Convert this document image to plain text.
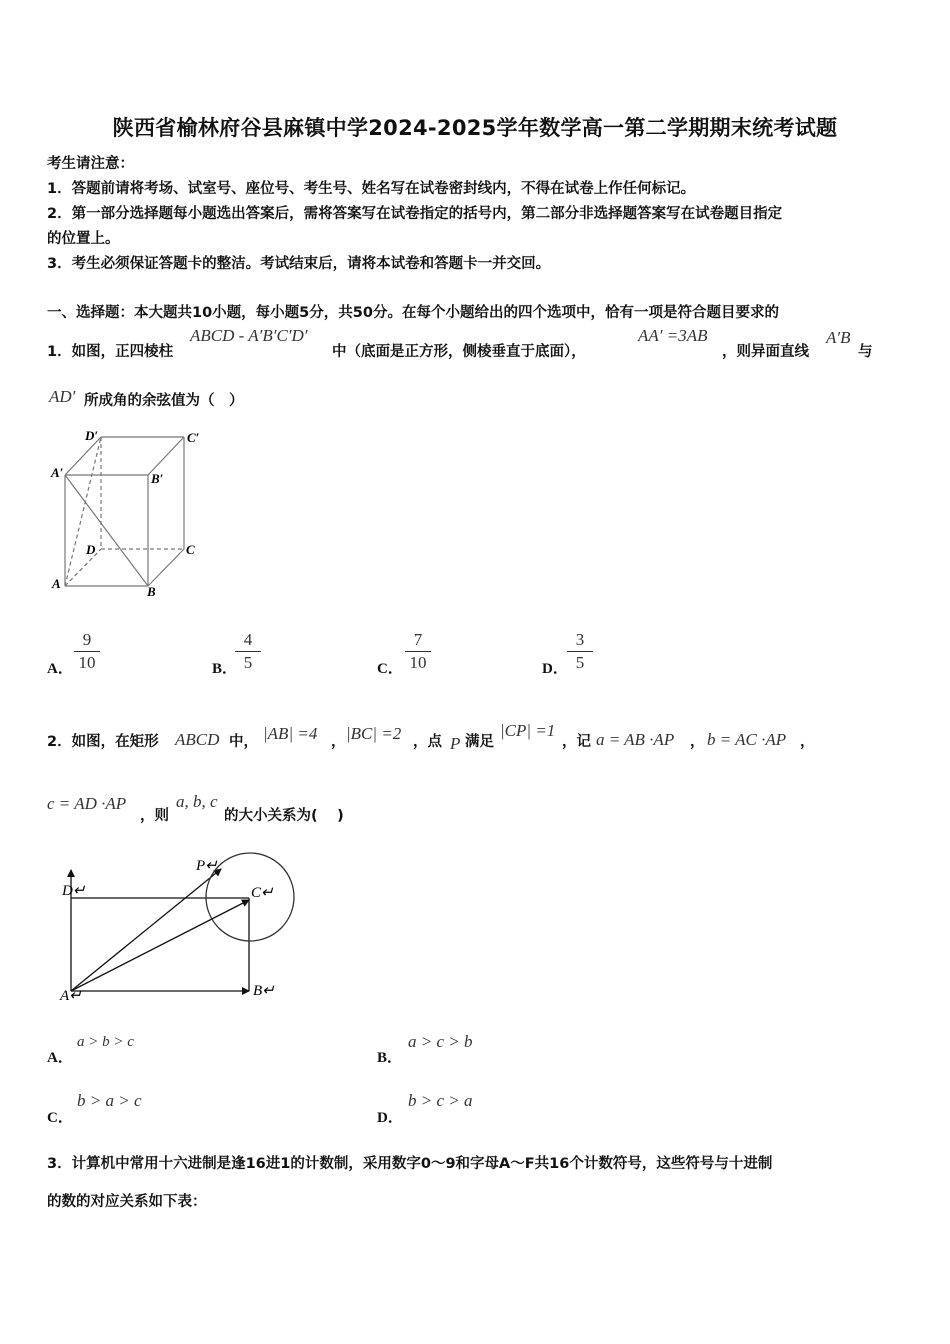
陕西省榆林府谷县麻镇中学2024-2025学年数学高一第二学期期末统考试题
考生请注意：
1．答题前请将考场、试室号、座位号、考生号、姓名写在试卷密封线内，不得在试卷上作任何标记。
2．第一部分选择题每小题选出答案后，需将答案写在试卷指定的括号内，第二部分非选择题答案写在试卷题目指定
的位置上。
3．考生必须保证答题卡的整洁。考试结束后，请将本试卷和答题卡一并交回。
一、选择题：本大题共10小题，每小题5分，共50分。在每个小题给出的四个选项中，恰有一项是符合题目要求的
1．如图，正四棱柱
ABCD - A′B′C′D′
中（底面是正方形，侧棱垂直于底面），
AA′ =3AB
，则异面直线
A′B
与
AD′ 所成角的余弦值为（　）
D′	C′
A′	B′
D	C
A
B
A．
9
10	B．
4
5	C．
7
10	D．
3
5
2．如图，在矩形 ABCD 中， |AB| =4 ， |BC| =2 ，点 P 满足
|CP| =1
，记 a = AB ·AP ， b = AC ·AP ，
c = AD ·AP
，则
a, b, c
的大小关系为(　 )
P↵
D↵	C↵
A↵	B↵
A．
a > b > c
B．
a > c > b
C．
b > a > c
D．
b > c > a
3．计算机中常用十六进制是逢16进1的计数制，采用数字0～9和字母A～F共16个计数符号，这些符号与十进制
的数的对应关系如下表：
